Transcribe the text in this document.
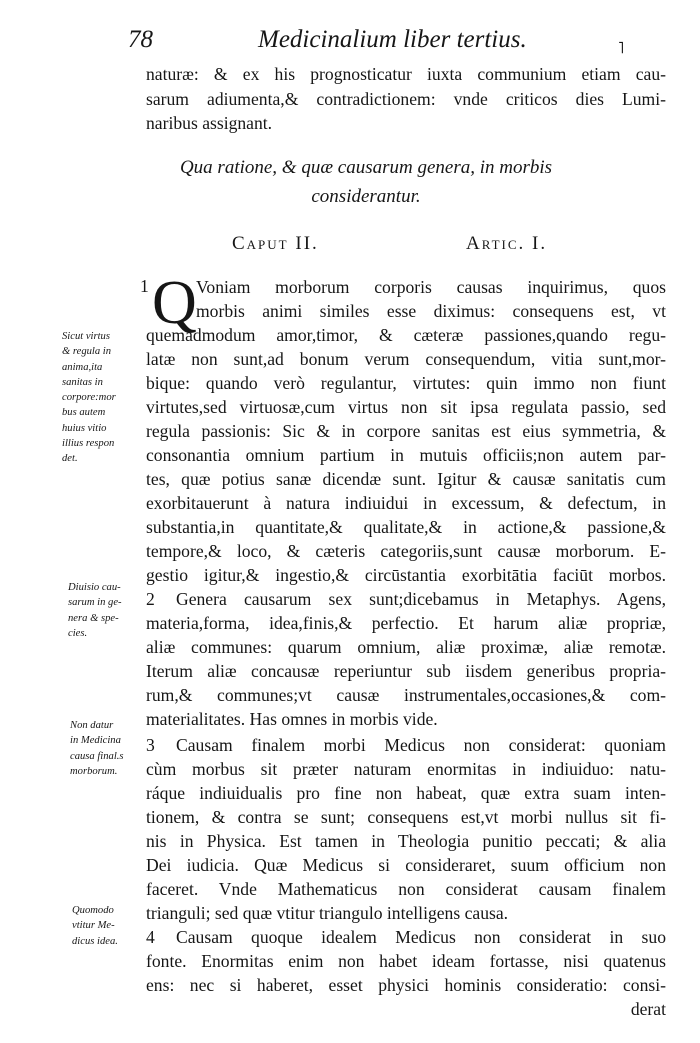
78	Medicinalium liber tertius.	˥
naturæ: & ex his prognosticatur iuxta communium etiam cau-
sarum adiumenta,& contradictionem: vnde criticos dies Lumi-
naribus assignant.
Qua ratione, & quæ causarum genera, in morbis
considerantur.
Caput II.	Artic. I.
1 Q Voniam morborum corporis causas inquirimus, quos
morbis animi similes esse diximus: consequens est, vt
quemadmodum amor,timor, & cæteræ passiones,quando regu-
latæ non sunt,ad bonum verum consequendum, vitia sunt,mor-
bique: quando verò regulantur, virtutes: quin immo non fiunt
virtutes,sed virtuosæ,cum virtus non sit ipsa regulata passio, sed
regula passionis: Sic & in corpore sanitas est eius symmetria, &
consonantia omnium partium in mutuis officiis;non autem par-
tes, quæ potius sanæ dicendæ sunt. Igitur & causæ sanitatis cum
exorbitauerunt à natura indiuidui in excessum, & defectum, in
substantia,in quantitate,& qualitate,& in actione,& passione,&
tempore,& loco, & cæteris categoriis,sunt causæ morborum. E-
gestio igitur,& ingestio,& circūstantia exorbitātia faciūt morbos.
2 Genera causarum sex sunt;dicebamus in Metaphys. Agens,
materia,forma, idea,finis,& perfectio. Et harum aliæ propriæ,
aliæ communes: quarum omnium, aliæ proximæ, aliæ remotæ.
Iterum aliæ concausæ reperiuntur sub iisdem generibus propria-
rum,& communes;vt causæ instrumentales,occasiones,& com-
materialitates. Has omnes in morbis vide.
3 Causam finalem morbi Medicus non considerat: quoniam
cùm morbus sit præter naturam enormitas in indiuiduo: natu-
ráque indiuidualis pro fine non habeat, quæ extra suam inten-
tionem, & contra se sunt; consequens est,vt morbi nullus sit fi-
nis in Physica. Est tamen in Theologia punitio peccati; & alia
Dei iudicia. Quæ Medicus si consideraret, suum officium non
faceret. Vnde Mathematicus non considerat causam finalem
trianguli; sed quæ vtitur triangulo intelligens causa.
4 Causam quoque idealem Medicus non considerat in suo
fonte. Enormitas enim non habet ideam fortasse, nisi quatenus
ens: nec si haberet, esset physici hominis consideratio: consi-
derat
Sicut virtus
& regula in
anima,ita
sanitas in
corpore:mor
bus autem
huius vitio
illius respon
det.
Diuisio cau-
sarum in ge-
nera & spe-
cies.
Non datur
in Medicina
causa final.s
morborum.
Quomodo
vtitur Me-
dicus idea.
